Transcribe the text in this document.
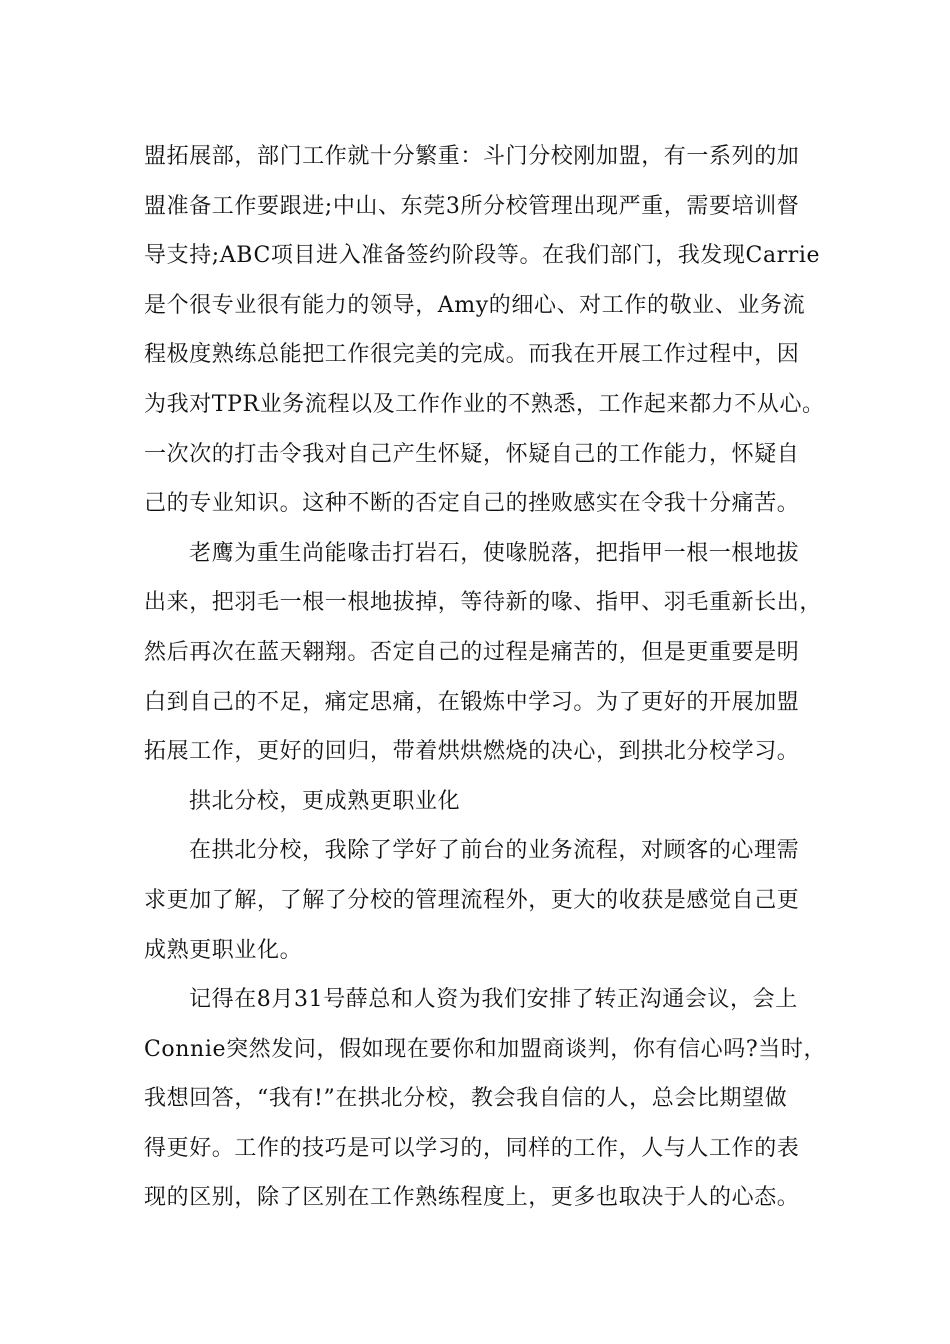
盟拓展部，部门工作就十分繁重：斗门分校刚加盟，有一系列的加
盟准备工作要跟进;中山、东莞3所分校管理出现严重，需要培训督
导支持;ABC项目进入准备签约阶段等。在我们部门，我发现Carrie
是个很专业很有能力的领导，Amy的细心、对工作的敬业、业务流
程极度熟练总能把工作很完美的完成。而我在开展工作过程中，因
为我对TPR业务流程以及工作作业的不熟悉，工作起来都力不从心。
一次次的打击令我对自己产生怀疑，怀疑自己的工作能力，怀疑自
己的专业知识。这种不断的否定自己的挫败感实在令我十分痛苦。
老鹰为重生尚能喙击打岩石，使喙脱落，把指甲一根一根地拔
出来，把羽毛一根一根地拔掉，等待新的喙、指甲、羽毛重新长出，
然后再次在蓝天翱翔。否定自己的过程是痛苦的，但是更重要是明
白到自己的不足，痛定思痛，在锻炼中学习。为了更好的开展加盟
拓展工作，更好的回归，带着烘烘燃烧的决心，到拱北分校学习。
拱北分校，更成熟更职业化
在拱北分校，我除了学好了前台的业务流程，对顾客的心理需
求更加了解，了解了分校的管理流程外，更大的收获是感觉自己更
成熟更职业化。
记得在8月31号薛总和人资为我们安排了转正沟通会议，会上
Connie突然发问，假如现在要你和加盟商谈判，你有信心吗?当时，
我想回答，“我有!”在拱北分校，教会我自信的人，总会比期望做
得更好。工作的技巧是可以学习的，同样的工作，人与人工作的表
现的区别，除了区别在工作熟练程度上，更多也取决于人的心态。
